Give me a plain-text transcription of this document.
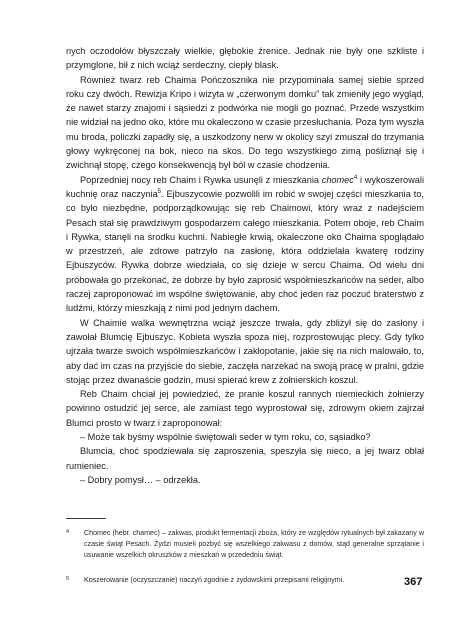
nych oczodołów błyszczały wielkie, głębokie źrenice. Jednak nie były one szkliste i przymglone, bił z nich wciąż serdeczny, ciepły blask.

Również twarz reb Chaima Pończosznika nie przypominała samej siebie sprzed roku czy dwóch. Rewizja Kripo i wizyta w „czerwonym domku” tak zmieniły jego wygląd, że nawet starzy znajomi i sąsiedzi z podwórka nie mogli go poznać. Przede wszystkim nie widział na jedno oko, które mu okaleczono w czasie przesłuchania. Poza tym wyszła mu broda, policzki zapadły się, a uszkodzony nerw w okolicy szyi zmuszał do trzymania głowy wykręconej na bok, nieco na skos. Do tego wszystkiego zimą pośliznął się i zwichnął stopę, czego konsekwencją był ból w czasie chodzenia.

Poprzedniej nocy reb Chaim i Rywka usunęli z mieszkania chomec$^4$ i wykoszerowali kuchnię oraz naczynia$^5$. Ejbuszycowie pozwolili im robić w swojej części mieszkania to, co było niezbędne, podporządkowując się reb Chaimowi, który wraz z nadejściem Pesach stał się prawdziwym gospodarzem całego mieszkania. Potem oboje, reb Chaim i Rywka, stanęli na środku kuchni. Nabiegłe krwią, okaleczone oko Chaima spoglądało w przestrzeń, ale zdrowe patrzyło na zasłonę, która oddzielała kwaterę rodziny Ejbuszyców. Rywka dobrze wiedziała, co się dzieje w sercu Chaima. Od wielu dni próbowała go przekonać, że dobrze by było zaprosić współmieszkańców na seder, albo raczej zaproponować im wspólne świętowanie, aby choć jeden raz poczuć braterstwo z ludźmi, którzy mieszkają z nimi pod jednym dachem.

W Chaimie walka wewnętrzna wciąż jeszcze trwała, gdy zbliżył się do zasłony i zawołał Blumcię Ejbuszyc. Kobieta wyszła spoza niej, rozprostowując plecy. Gdy tylko ujrzała twarze swoich współmieszkańców i zakłopotanie, jakie się na nich malowało, to, aby dać im czas na przyjście do siebie, zaczęła narzekać na swoją pracę w pralni, gdzie stojąc przez dwanaście godzin, musi spierać krew z żołnierskich koszul.

Reb Chaim chciał jej powiedzieć, że pranie koszul rannych niemieckich żołnierzy powinno ostudzić jej serce, ale zamiast tego wyprostował się, zdrowym okiem zajrzał Blumci prosto w twarz i zaproponował:

– Może tak byśmy wspólnie świętowali seder w tym roku, co, sąsiadko?

Blumcia, choć spodziewała się zaproszenia, speszyła się nieco, a jej twarz oblał rumieniec.

– Dobry pomysł… – odrzekła.

4 Chomec (hebr. chamec) – zakwas, produkt fermentacji zboża, który ze względów rytualnych był zakazany w czasie świąt Pesach. Żydzi musieli pozbyć się wszelkiego zakwasu z domów, stąd generalne sprzątanie i usuwanie wszelkich okruszków z mieszkań w przededniu świąt.
5 Koszerowanie (oczyszczanie) naczyń zgodnie z żydowskimi przepisami religijnymi.	367
